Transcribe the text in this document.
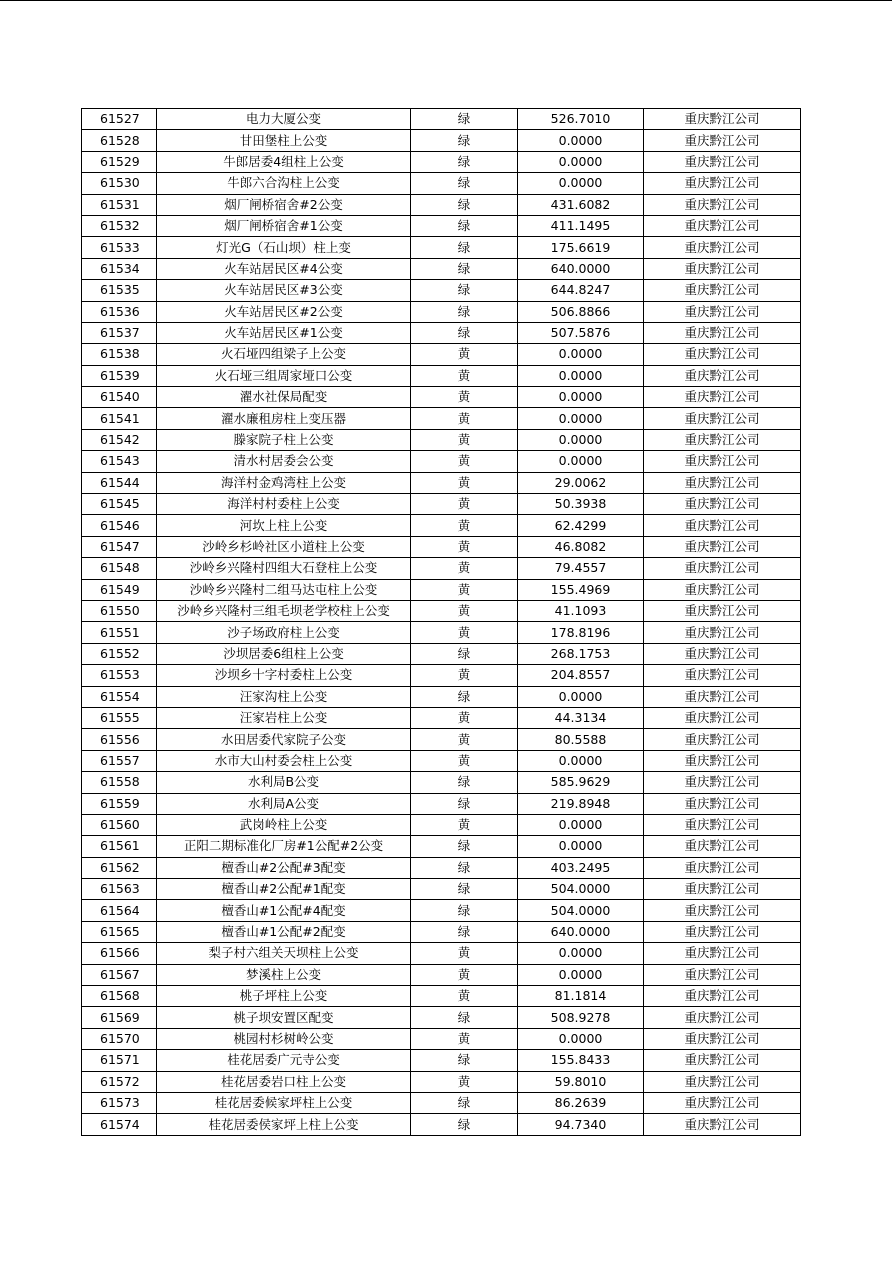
61527	电力大厦公变	绿	526.7010	重庆黔江公司
61528	甘田堡柱上公变	绿	0.0000	重庆黔江公司
61529	牛郎居委4组柱上公变	绿	0.0000	重庆黔江公司
61530	牛郎六合沟柱上公变	绿	0.0000	重庆黔江公司
61531	烟厂闸桥宿舍#2公变	绿	431.6082	重庆黔江公司
61532	烟厂闸桥宿舍#1公变	绿	411.1495	重庆黔江公司
61533	灯光G（石山坝）柱上变	绿	175.6619	重庆黔江公司
61534	火车站居民区#4公变	绿	640.0000	重庆黔江公司
61535	火车站居民区#3公变	绿	644.8247	重庆黔江公司
61536	火车站居民区#2公变	绿	506.8866	重庆黔江公司
61537	火车站居民区#1公变	绿	507.5876	重庆黔江公司
61538	火石垭四组梁子上公变	黄	0.0000	重庆黔江公司
61539	火石垭三组周家垭口公变	黄	0.0000	重庆黔江公司
61540	濯水社保局配变	黄	0.0000	重庆黔江公司
61541	濯水廉租房柱上变压器	黄	0.0000	重庆黔江公司
61542	滕家院子柱上公变	黄	0.0000	重庆黔江公司
61543	清水村居委会公变	黄	0.0000	重庆黔江公司
61544	海洋村金鸡湾柱上公变	黄	29.0062	重庆黔江公司
61545	海洋村村委柱上公变	黄	50.3938	重庆黔江公司
61546	河坎上柱上公变	黄	62.4299	重庆黔江公司
61547	沙岭乡杉岭社区小道柱上公变	黄	46.8082	重庆黔江公司
61548	沙岭乡兴隆村四组大石登柱上公变	黄	79.4557	重庆黔江公司
61549	沙岭乡兴隆村二组马达屯柱上公变	黄	155.4969	重庆黔江公司
61550	沙岭乡兴隆村三组毛坝老学校柱上公变	黄	41.1093	重庆黔江公司
61551	沙子场政府柱上公变	黄	178.8196	重庆黔江公司
61552	沙坝居委6组柱上公变	绿	268.1753	重庆黔江公司
61553	沙坝乡十字村委柱上公变	黄	204.8557	重庆黔江公司
61554	汪家沟柱上公变	绿	0.0000	重庆黔江公司
61555	汪家岩柱上公变	黄	44.3134	重庆黔江公司
61556	水田居委代家院子公变	黄	80.5588	重庆黔江公司
61557	水市大山村委会柱上公变	黄	0.0000	重庆黔江公司
61558	水利局B公变	绿	585.9629	重庆黔江公司
61559	水利局A公变	绿	219.8948	重庆黔江公司
61560	武岗岭柱上公变	黄	0.0000	重庆黔江公司
61561	正阳二期标准化厂房#1公配#2公变	绿	0.0000	重庆黔江公司
61562	檀香山#2公配#3配变	绿	403.2495	重庆黔江公司
61563	檀香山#2公配#1配变	绿	504.0000	重庆黔江公司
61564	檀香山#1公配#4配变	绿	504.0000	重庆黔江公司
61565	檀香山#1公配#2配变	绿	640.0000	重庆黔江公司
61566	梨子村六组关天坝柱上公变	黄	0.0000	重庆黔江公司
61567	梦溪柱上公变	黄	0.0000	重庆黔江公司
61568	桃子坪柱上公变	黄	81.1814	重庆黔江公司
61569	桃子坝安置区配变	绿	508.9278	重庆黔江公司
61570	桃园村杉树岭公变	黄	0.0000	重庆黔江公司
61571	桂花居委广元寺公变	绿	155.8433	重庆黔江公司
61572	桂花居委岩口柱上公变	黄	59.8010	重庆黔江公司
61573	桂花居委候家坪柱上公变	绿	86.2639	重庆黔江公司
61574	桂花居委侯家坪上柱上公变	绿	94.7340	重庆黔江公司
